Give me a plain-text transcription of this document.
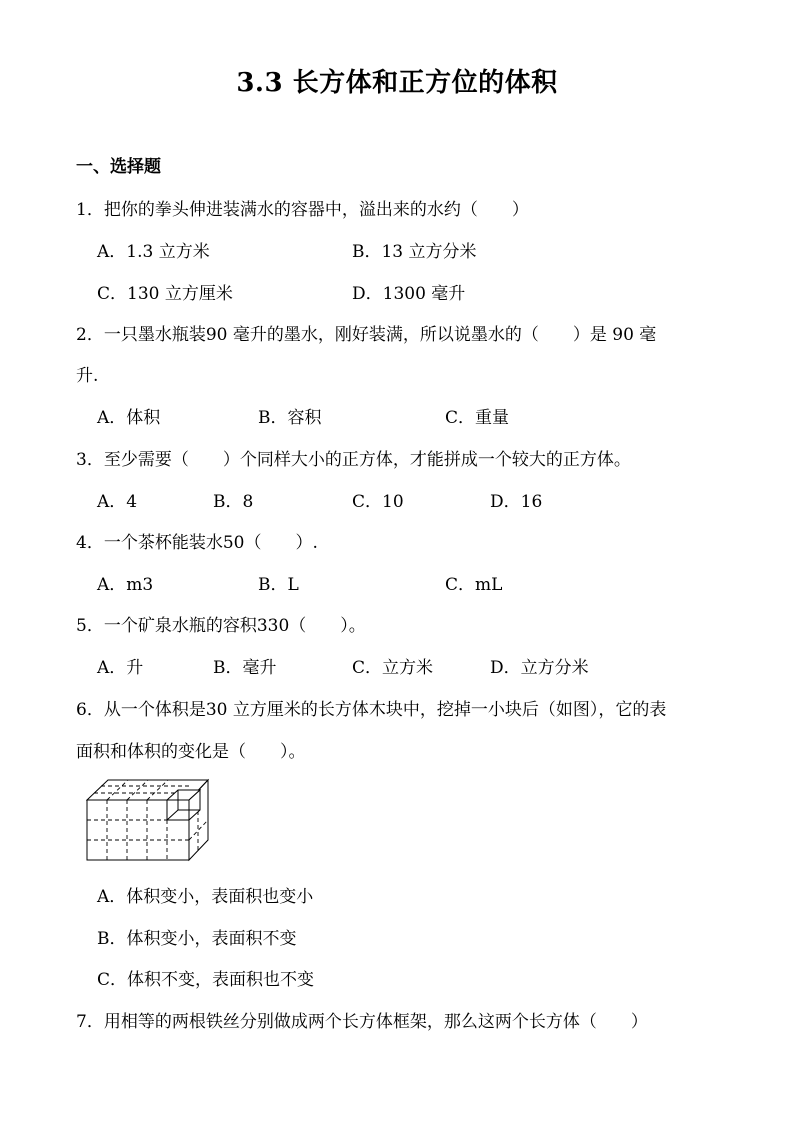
3.3 长方体和正方位的体积
一、选择题
1．把你的拳头伸进装满水的容器中，溢出来的水约（　　）
A．1.3 立方米	B．13 立方分米
C．130 立方厘米	D．1300 毫升
2．一只墨水瓶装90 毫升的墨水，刚好装满，所以说墨水的（　　）是 90 毫
升.
A．体积	B．容积	C．重量
3．至少需要（　　）个同样大小的正方体，才能拼成一个较大的正方体。
A．4	B．8	C．10	D．16
4．一个茶杯能装水50（　　）.
A．m3	B．L	C．mL
5．一个矿泉水瓶的容积330（　　）。
A．升	B．毫升	C．立方米	D．立方分米
6．从一个体积是30 立方厘米的长方体木块中，挖掉一小块后（如图），它的表
面积和体积的变化是（　　）。
A．体积变小，表面积也变小
B．体积变小，表面积不变
C．体积不变，表面积也不变
7．用相等的两根铁丝分别做成两个长方体框架，那么这两个长方体（　　）
